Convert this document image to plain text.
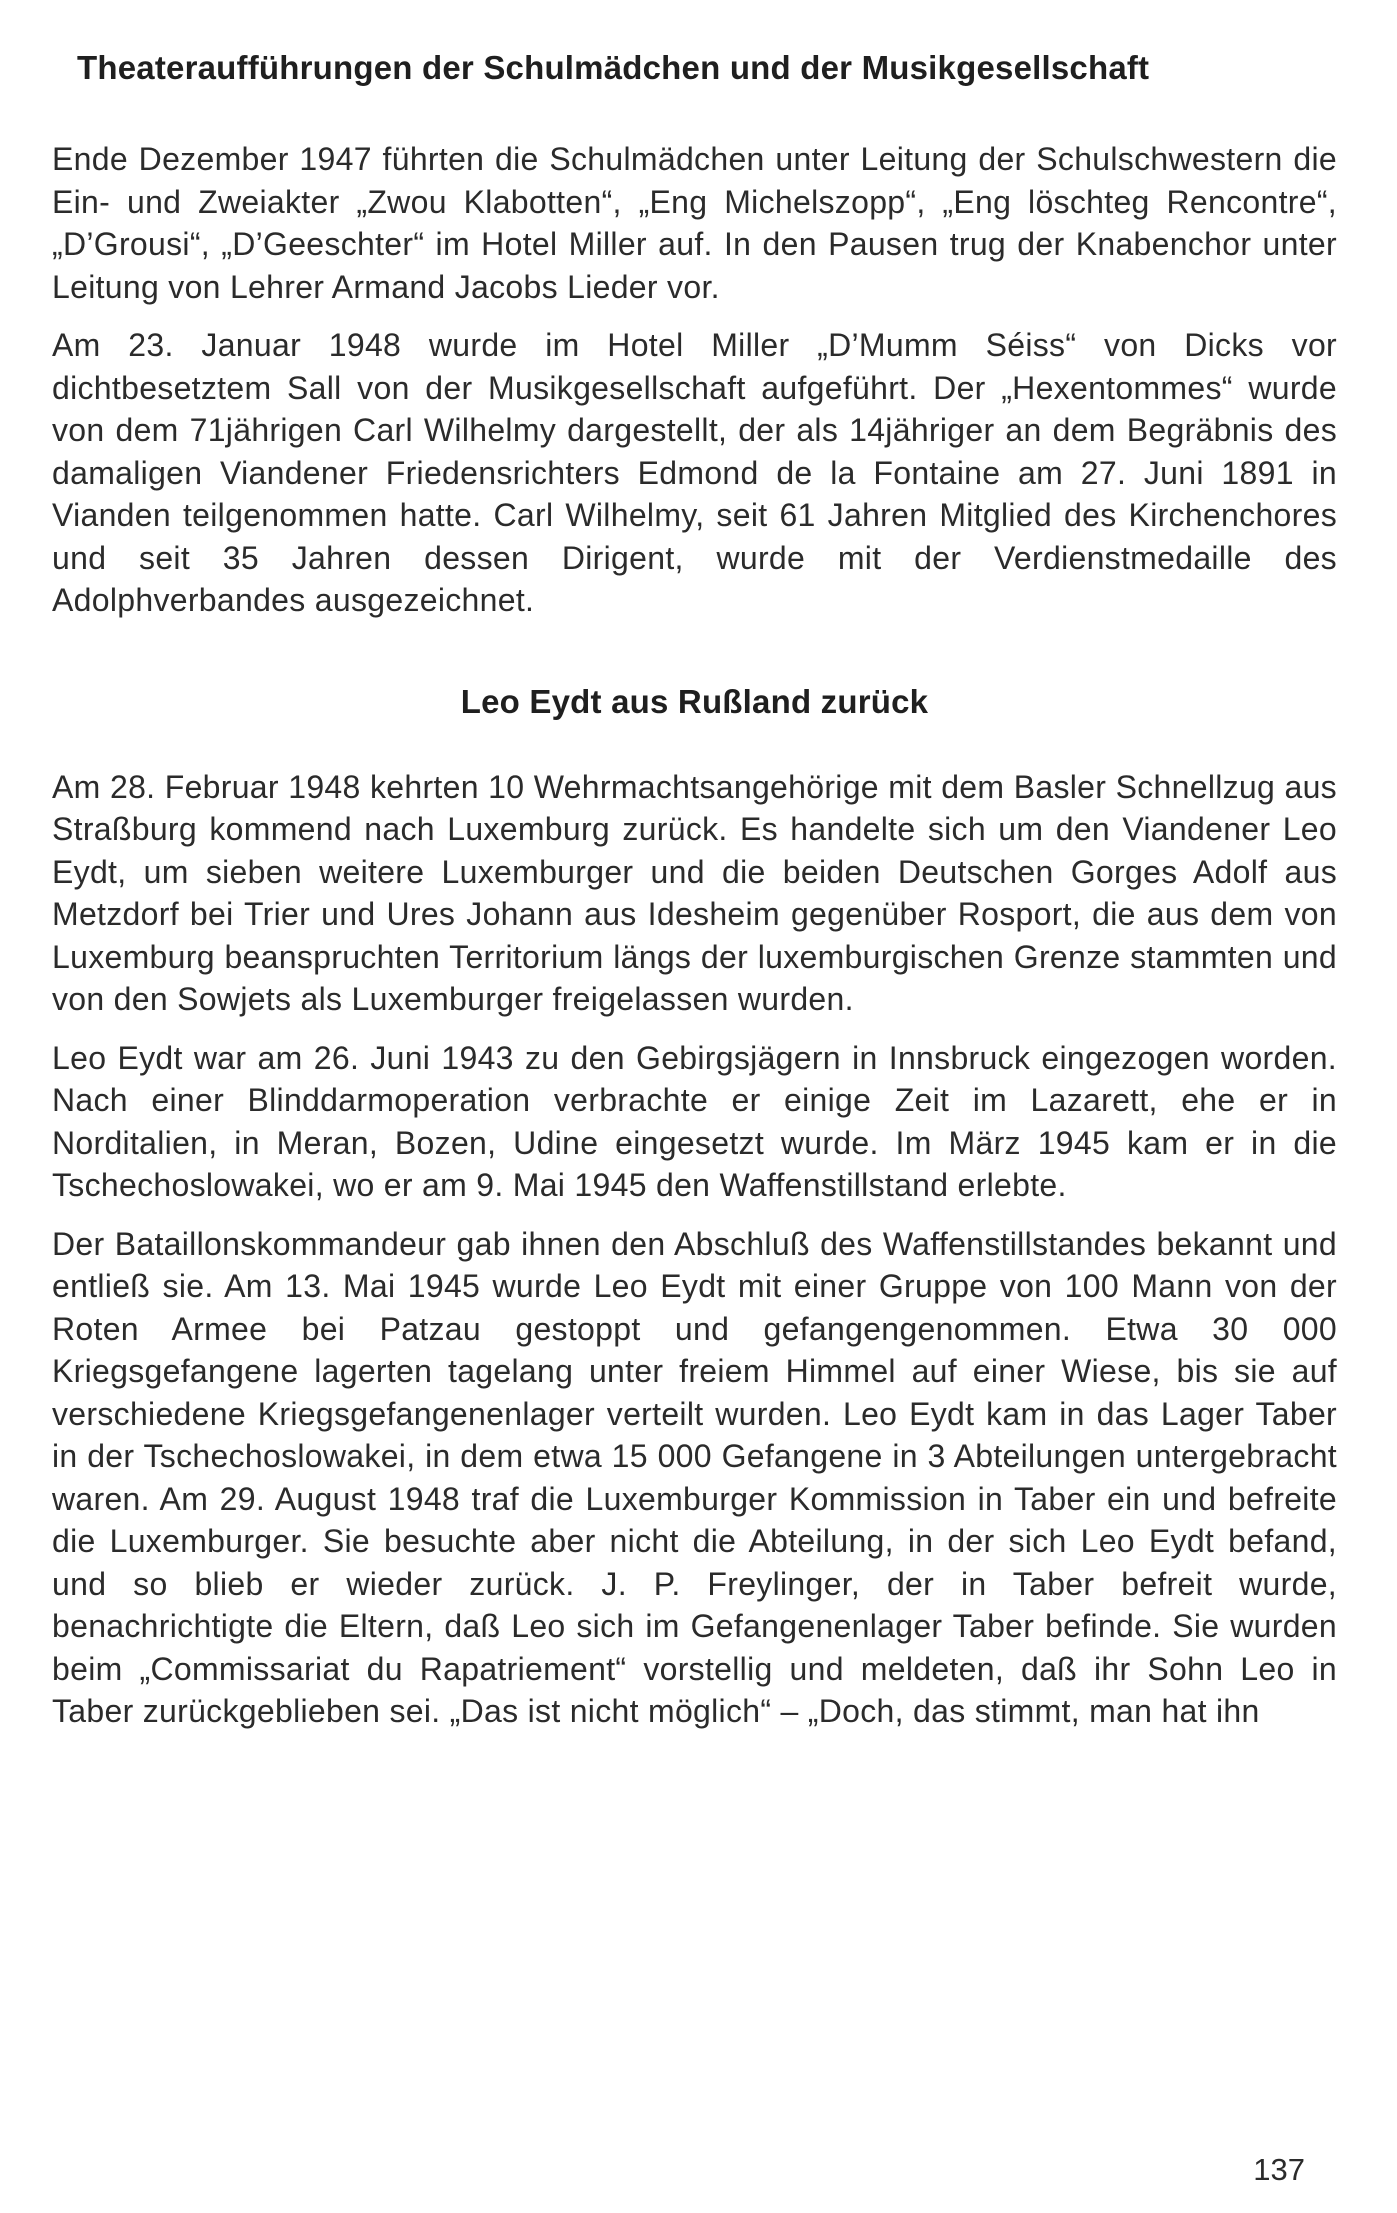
Theateraufführungen der Schulmädchen und der Musikgesellschaft

Ende Dezember 1947 führten die Schulmädchen unter Leitung der Schulschwestern die Ein- und Zweiakter „Zwou Klabotten“, „Eng Michelszopp“, „Eng löschteg Rencontre“, „D’Grousi“, „D’Geeschter“ im Hotel Miller auf. In den Pausen trug der Knabenchor unter Leitung von Lehrer Armand Jacobs Lieder vor.

Am 23. Januar 1948 wurde im Hotel Miller „D’Mumm Séiss“ von Dicks vor dichtbesetztem Sall von der Musikgesellschaft aufgeführt. Der „Hexentommes“ wurde von dem 71jährigen Carl Wilhelmy dargestellt, der als 14jähriger an dem Begräbnis des damaligen Viandener Friedensrichters Edmond de la Fontaine am 27. Juni 1891 in Vianden teilgenommen hatte. Carl Wilhelmy, seit 61 Jahren Mitglied des Kirchenchores und seit 35 Jahren dessen Dirigent, wurde mit der Verdienstmedaille des Adolphverbandes ausgezeichnet.

Leo Eydt aus Rußland zurück

Am 28. Februar 1948 kehrten 10 Wehrmachtsangehörige mit dem Basler Schnellzug aus Straßburg kommend nach Luxemburg zurück. Es handelte sich um den Viandener Leo Eydt, um sieben weitere Luxemburger und die beiden Deutschen Gorges Adolf aus Metzdorf bei Trier und Ures Johann aus Idesheim gegenüber Rosport, die aus dem von Luxemburg beanspruchten Territorium längs der luxemburgischen Grenze stammten und von den Sowjets als Luxemburger freigelassen wurden.

Leo Eydt war am 26. Juni 1943 zu den Gebirgsjägern in Innsbruck eingezogen worden. Nach einer Blinddarmoperation verbrachte er einige Zeit im Lazarett, ehe er in Norditalien, in Meran, Bozen, Udine eingesetzt wurde. Im März 1945 kam er in die Tschechoslowakei, wo er am 9. Mai 1945 den Waffenstillstand erlebte.

Der Bataillonskommandeur gab ihnen den Abschluß des Waffenstillstandes bekannt und entließ sie. Am 13. Mai 1945 wurde Leo Eydt mit einer Gruppe von 100 Mann von der Roten Armee bei Patzau gestoppt und gefangengenommen. Etwa 30 000 Kriegsgefangene lagerten tagelang unter freiem Himmel auf einer Wiese, bis sie auf verschiedene Kriegsgefangenenlager verteilt wurden. Leo Eydt kam in das Lager Taber in der Tschechoslowakei, in dem etwa 15 000 Gefangene in 3 Abteilungen untergebracht waren. Am 29. August 1948 traf die Luxemburger Kommission in Taber ein und befreite die Luxemburger. Sie besuchte aber nicht die Abteilung, in der sich Leo Eydt befand, und so blieb er wieder zurück. J. P. Freylinger, der in Taber befreit wurde, benachrichtigte die Eltern, daß Leo sich im Gefangenenlager Taber befinde. Sie wurden beim „Commissariat du Rapatriement“ vorstellig und meldeten, daß ihr Sohn Leo in Taber zurückgeblieben sei. „Das ist nicht möglich“ – „Doch, das stimmt, man hat ihn

137
